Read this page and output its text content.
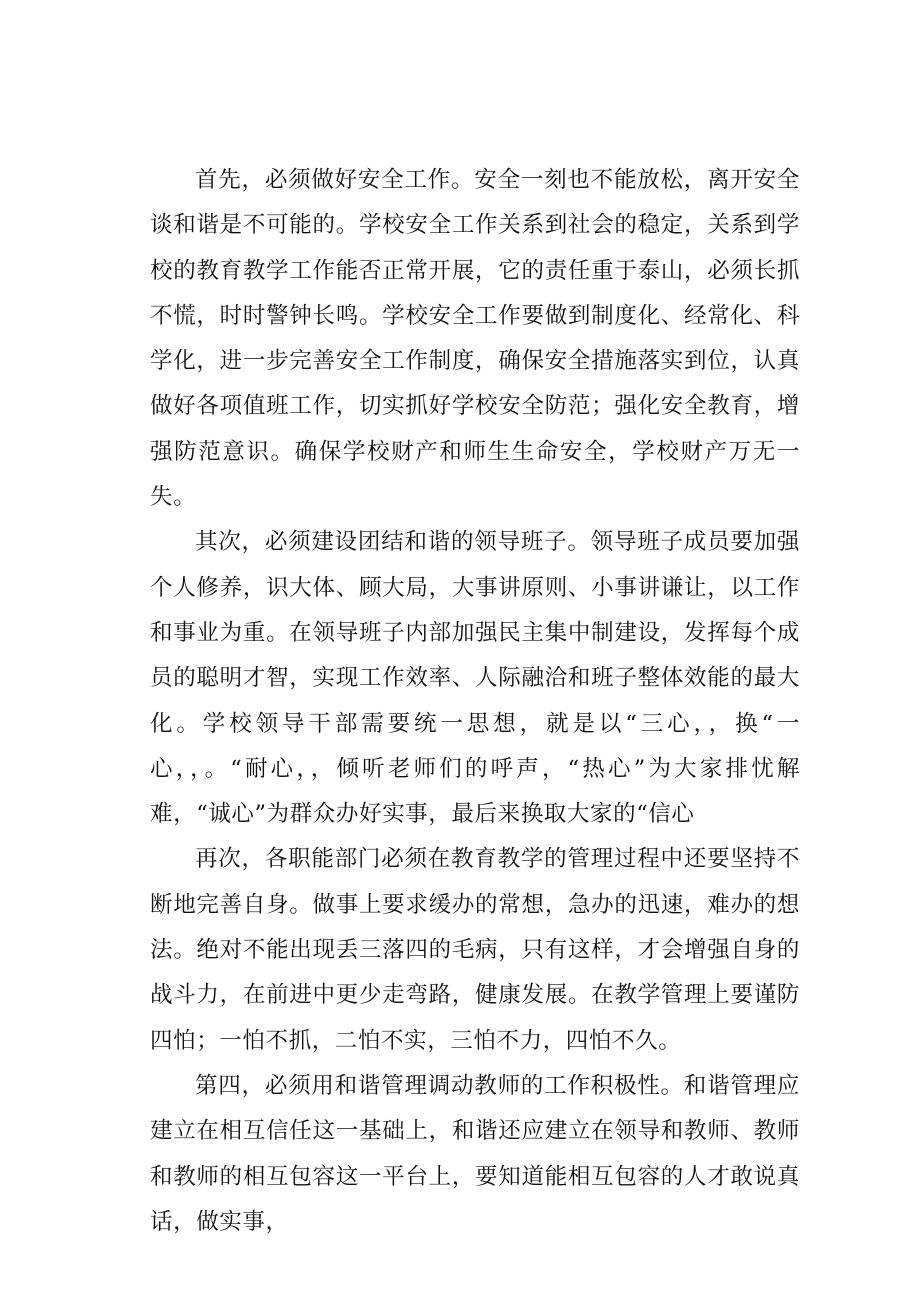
首先，必须做好安全工作。安全一刻也不能放松，离开安全谈和谐是不可能的。学校安全工作关系到社会的稳定，关系到学校的教育教学工作能否正常开展，它的责任重于泰山，必须长抓不慌，时时警钟长鸣。学校安全工作要做到制度化、经常化、科学化，进一步完善安全工作制度，确保安全措施落实到位，认真做好各项值班工作，切实抓好学校安全防范；强化安全教育，增强防范意识。确保学校财产和师生生命安全，学校财产万无一失。

其次，必须建设团结和谐的领导班子。领导班子成员要加强个人修养，识大体、顾大局，大事讲原则、小事讲谦让，以工作和事业为重。在领导班子内部加强民主集中制建设，发挥每个成员的聪明才智，实现工作效率、人际融洽和班子整体效能的最大化。学校领导干部需要统一思想，就是以“三心，，换“一心，，。“耐心，，倾听老师们的呼声，“热心”为大家排忧解难，“诚心”为群众办好实事，最后来换取大家的“信心

再次，各职能部门必须在教育教学的管理过程中还要坚持不断地完善自身。做事上要求缓办的常想，急办的迅速，难办的想法。绝对不能出现丢三落四的毛病，只有这样，才会增强自身的战斗力，在前进中更少走弯路，健康发展。在教学管理上要谨防四怕；一怕不抓，二怕不实，三怕不力，四怕不久。

第四，必须用和谐管理调动教师的工作积极性。和谐管理应建立在相互信任这一基础上，和谐还应建立在领导和教师、教师和教师的相互包容这一平台上，要知道能相互包容的人才敢说真话，做实事，
